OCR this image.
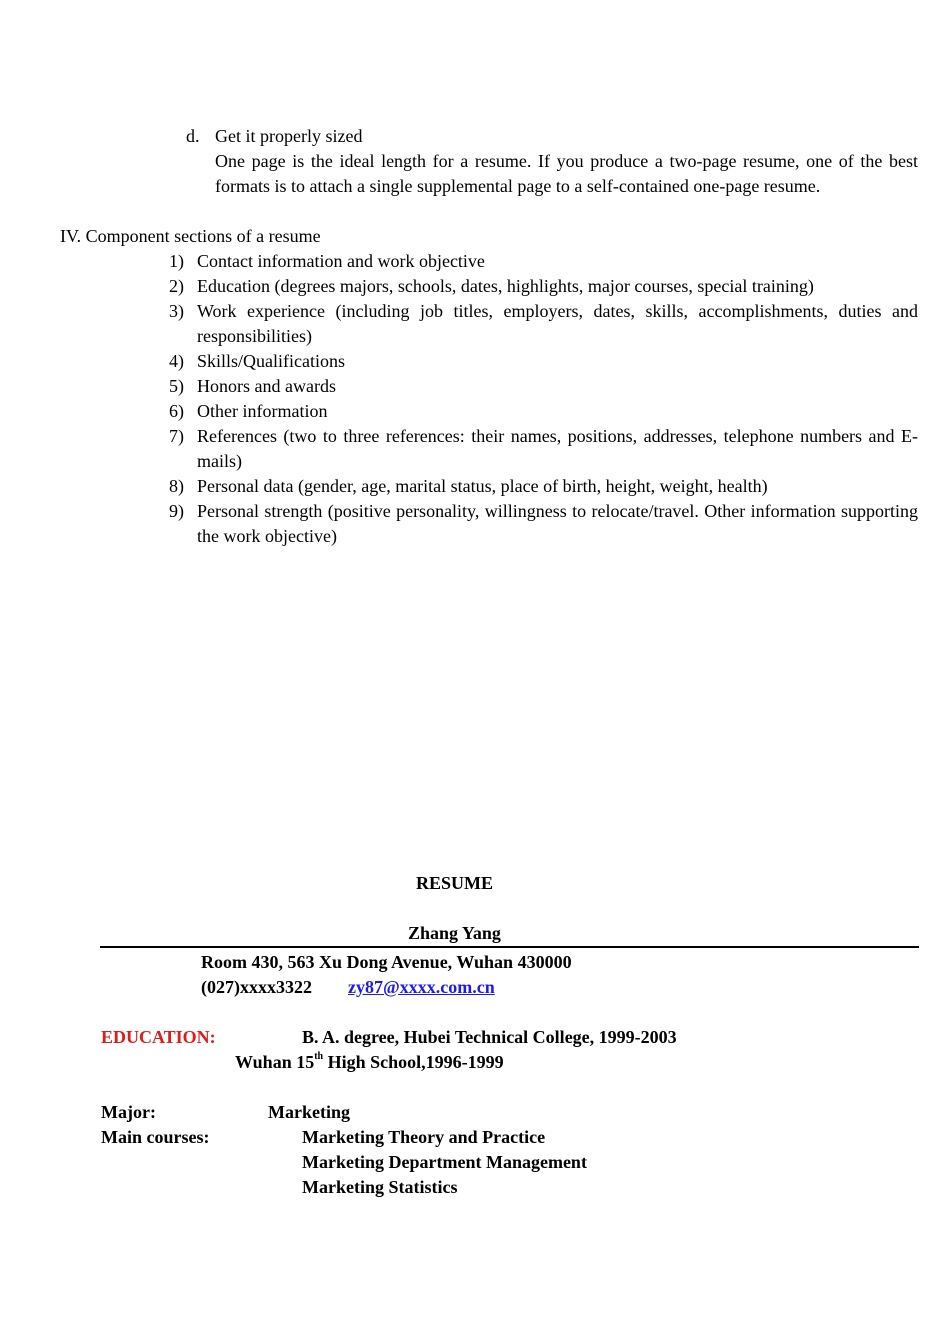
d. Get it properly sized
One page is the ideal length for a resume. If you produce a two-page resume, one of the best formats is to attach a single supplemental page to a self-contained one-page resume.
IV. Component sections of a resume
1) Contact information and work objective
2) Education (degrees majors, schools, dates, highlights, major courses, special training)
3) Work experience (including job titles, employers, dates, skills, accomplishments, duties and responsibilities)
4) Skills/Qualifications
5) Honors and awards
6) Other information
7) References (two to three references: their names, positions, addresses, telephone numbers and E-mails)
8) Personal data (gender, age, marital status, place of birth, height, weight, health)
9) Personal strength (positive personality, willingness to relocate/travel. Other information supporting the work objective)
RESUME
Zhang Yang
Room 430, 563 Xu Dong Avenue, Wuhan 430000
(027)xxxx3322 zy87@xxxx.com.cn
EDUCATION:	B. A. degree, Hubei Technical College, 1999-2003
Wuhan 15th High School,1996-1999
Major:	Marketing
Main courses:	Marketing Theory and Practice
Marketing Department Management
Marketing Statistics
